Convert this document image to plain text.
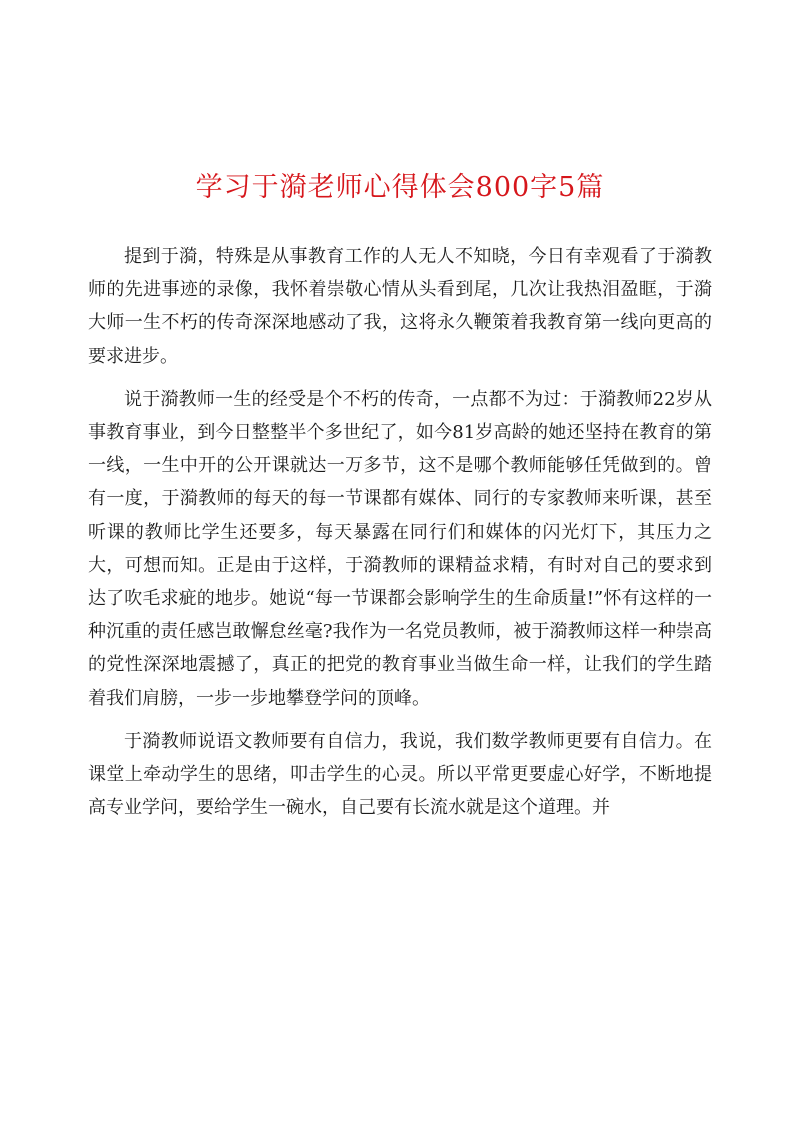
学习于漪老师心得体会800字5篇

提到于漪，特殊是从事教育工作的人无人不知晓，今日有幸观看了于漪教师的先进事迹的录像，我怀着崇敬心情从头看到尾，几次让我热泪盈眶，于漪大师一生不朽的传奇深深地感动了我，这将永久鞭策着我教育第一线向更高的要求进步。

说于漪教师一生的经受是个不朽的传奇，一点都不为过：于漪教师22岁从事教育事业，到今日整整半个多世纪了，如今81岁高龄的她还坚持在教育的第一线，一生中开的公开课就达一万多节，这不是哪个教师能够任凭做到的。曾有一度，于漪教师的每天的每一节课都有媒体、同行的专家教师来听课，甚至听课的教师比学生还要多，每天暴露在同行们和媒体的闪光灯下，其压力之大，可想而知。正是由于这样，于漪教师的课精益求精，有时对自己的要求到达了吹毛求疵的地步。她说“每一节课都会影响学生的生命质量!”怀有这样的一种沉重的责任感岂敢懈怠丝毫?我作为一名党员教师，被于漪教师这样一种崇高的党性深深地震撼了，真正的把党的教育事业当做生命一样，让我们的学生踏着我们肩膀，一步一步地攀登学问的顶峰。

于漪教师说语文教师要有自信力，我说，我们数学教师更要有自信力。在课堂上牵动学生的思绪，叩击学生的心灵。所以平常更要虚心好学，不断地提高专业学问，要给学生一碗水，自己要有长流水就是这个道理。并
